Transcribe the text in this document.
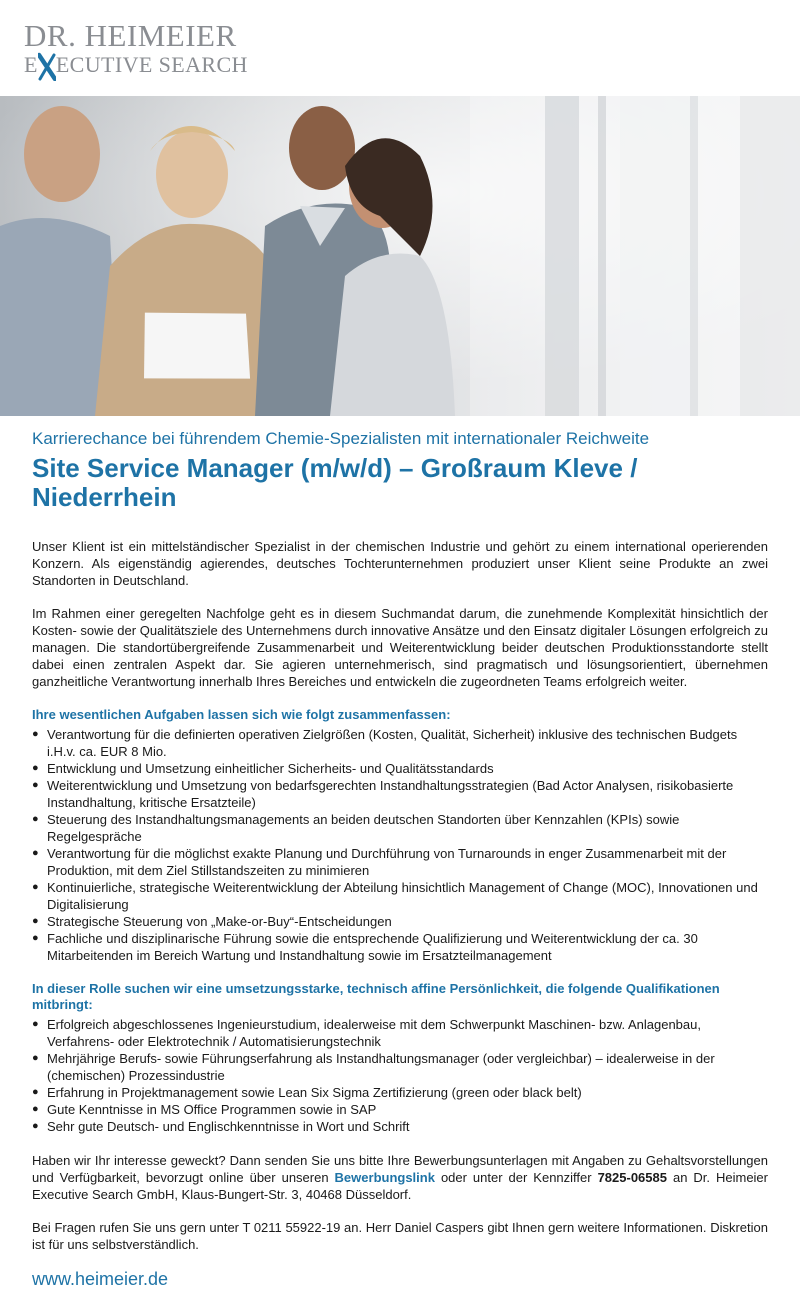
DR. HEIMEIER
E ECUTIVE SEARCH

Karrierechance bei führendem Chemie-Spezialisten mit internationaler Reichweite

Site Service Manager (m/w/d) – Großraum Kleve / Niederrhein

Unser Klient ist ein mittelständischer Spezialist in der chemischen Industrie und gehört zu einem international operierenden Konzern. Als eigenständig agierendes, deutsches Tochterunternehmen produziert unser Klient seine Produkte an zwei Standorten in Deutschland.

Im Rahmen einer geregelten Nachfolge geht es in diesem Suchmandat darum, die zunehmende Komplexität hinsichtlich der Kosten- sowie der Qualitätsziele des Unternehmens durch innovative Ansätze und den Einsatz digitaler Lösungen erfolgreich zu managen. Die standortübergreifende Zusammenarbeit und Weiterentwicklung beider deutschen Produktionsstandorte stellt dabei einen zentralen Aspekt dar. Sie agieren unternehmerisch, sind pragmatisch und lösungsorientiert, übernehmen ganzheitliche Verantwortung innerhalb Ihres Bereiches und entwickeln die zugeordneten Teams erfolgreich weiter.

Ihre wesentlichen Aufgaben lassen sich wie folgt zusammenfassen:

● Verantwortung für die definierten operativen Zielgrößen (Kosten, Qualität, Sicherheit) inklusive des technischen Budgets i.H.v. ca. EUR 8 Mio.
● Entwicklung und Umsetzung einheitlicher Sicherheits- und Qualitätsstandards
● Weiterentwicklung und Umsetzung von bedarfsgerechten Instandhaltungsstrategien (Bad Actor Analysen, risikobasierte Instandhaltung, kritische Ersatzteile)
● Steuerung des Instandhaltungsmanagements an beiden deutschen Standorten über Kennzahlen (KPIs) sowie Regelgespräche
● Verantwortung für die möglichst exakte Planung und Durchführung von Turnarounds in enger Zusammenarbeit mit der Produktion, mit dem Ziel Stillstandszeiten zu minimieren
● Kontinuierliche, strategische Weiterentwicklung der Abteilung hinsichtlich Management of Change (MOC), Innovationen und Digitalisierung
● Strategische Steuerung von „Make-or-Buy“-Entscheidungen
● Fachliche und disziplinarische Führung sowie die entsprechende Qualifizierung und Weiterentwicklung der ca. 30 Mitarbeitenden im Bereich Wartung und Instandhaltung sowie im Ersatzteilmanagement

In dieser Rolle suchen wir eine umsetzungsstarke, technisch affine Persönlichkeit, die folgende Qualifikationen mitbringt:

● Erfolgreich abgeschlossenes Ingenieurstudium, idealerweise mit dem Schwerpunkt Maschinen- bzw. Anlagenbau, Verfahrens- oder Elektrotechnik / Automatisierungstechnik
● Mehrjährige Berufs- sowie Führungserfahrung als Instandhaltungsmanager (oder vergleichbar) – idealerweise in der (chemischen) Prozessindustrie
● Erfahrung in Projektmanagement sowie Lean Six Sigma Zertifizierung (green oder black belt)
● Gute Kenntnisse in MS Office Programmen sowie in SAP
● Sehr gute Deutsch- und Englischkenntnisse in Wort und Schrift

Haben wir Ihr interesse geweckt? Dann senden Sie uns bitte Ihre Bewerbungsunterlagen mit Angaben zu Gehaltsvorstellungen und Verfügbarkeit, bevorzugt online über unseren Bewerbungslink oder unter der Kennziffer 7825-06585 an Dr. Heimeier Executive Search GmbH, Klaus-Bungert-Str. 3, 40468 Düsseldorf.

Bei Fragen rufen Sie uns gern unter T 0211 55922-19 an. Herr Daniel Caspers gibt Ihnen gern weitere Informationen. Diskretion ist für uns selbstverständlich.

www.heimeier.de
